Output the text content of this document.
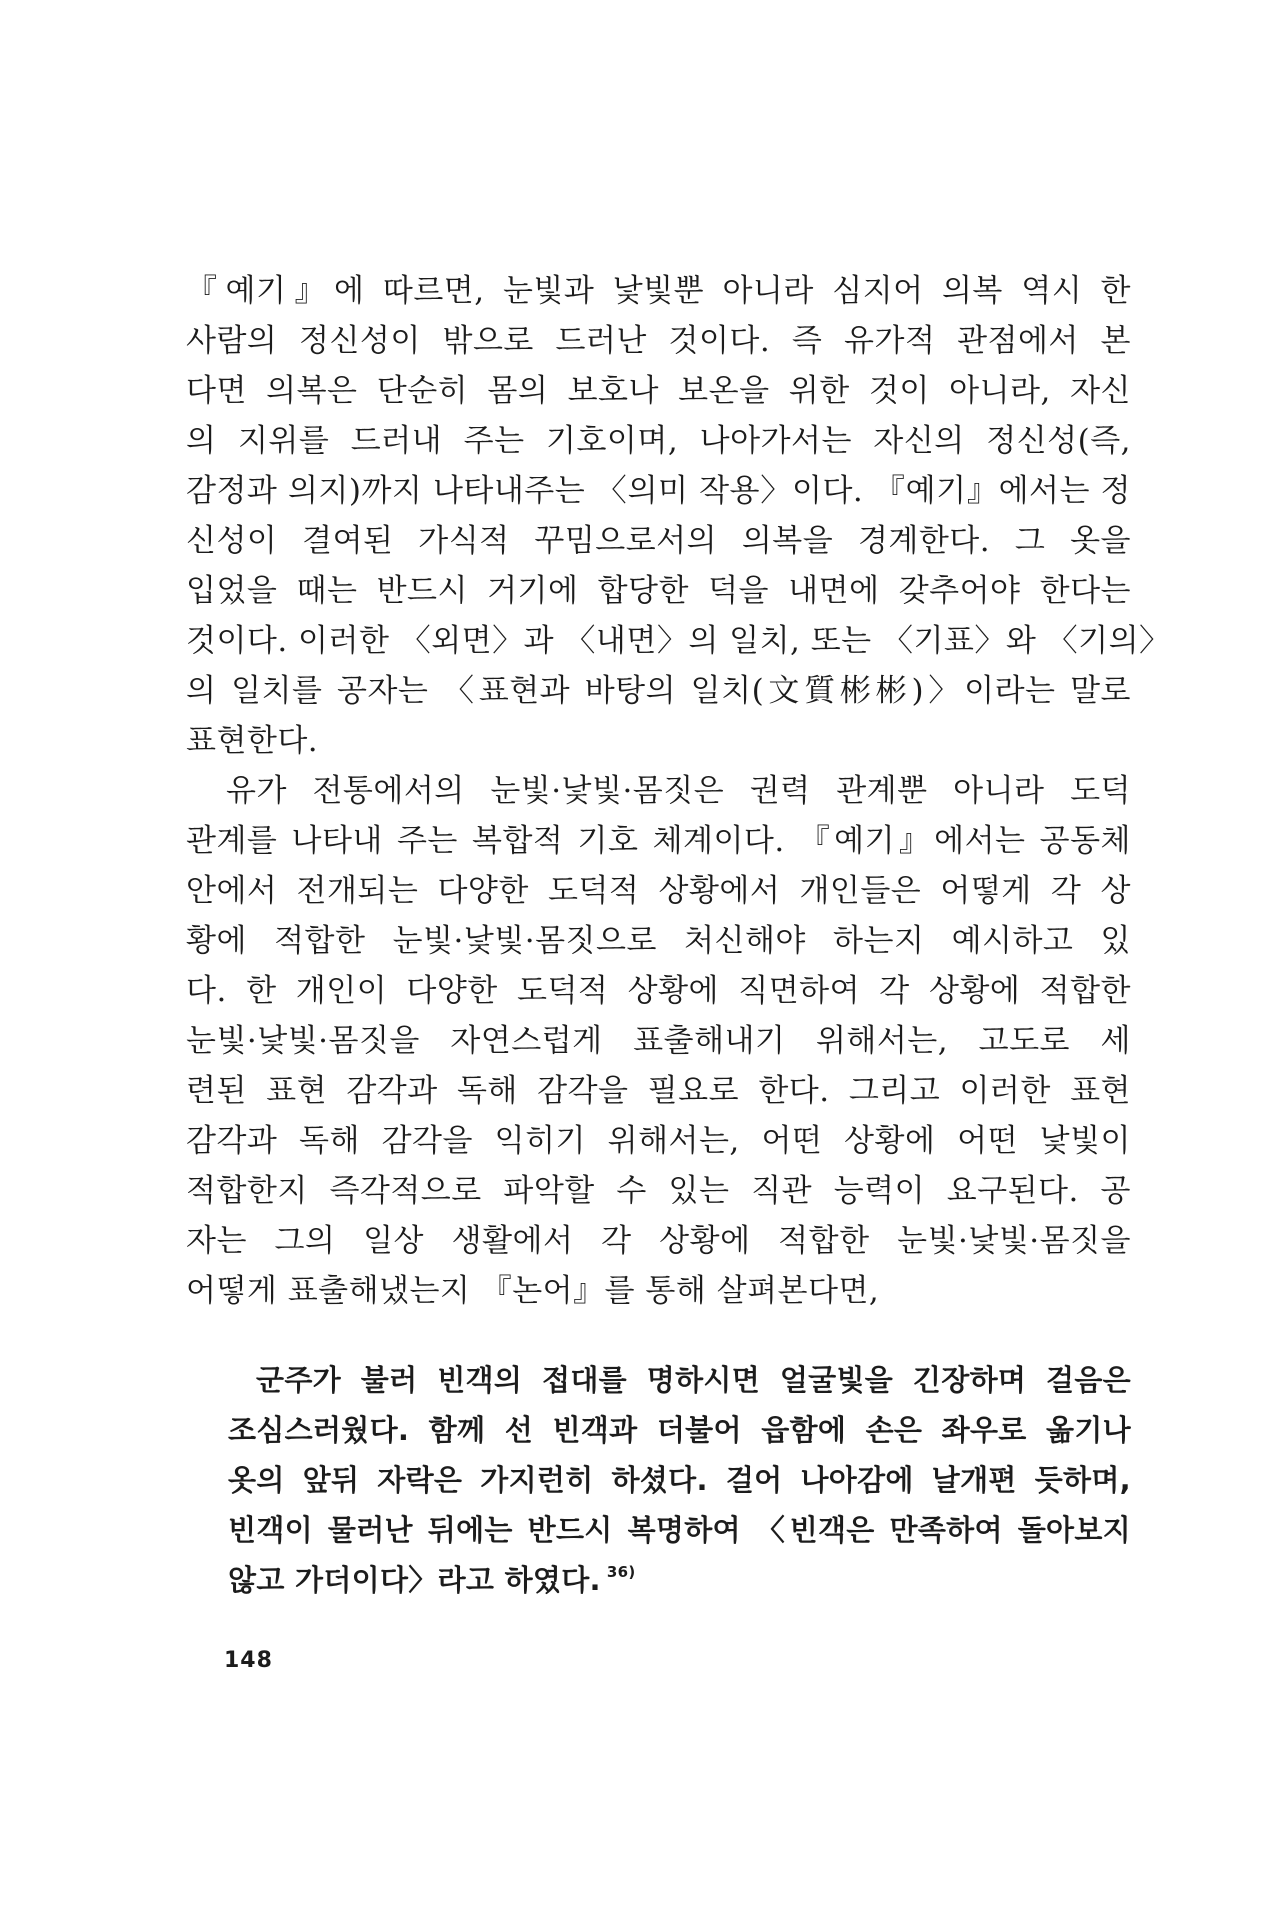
『예기』에 따르면, 눈빛과 낯빛뿐 아니라 심지어 의복 역시 한
사람의 정신성이 밖으로 드러난 것이다. 즉 유가적 관점에서 본
다면 의복은 단순히 몸의 보호나 보온을 위한 것이 아니라, 자신
의 지위를 드러내 주는 기호이며, 나아가서는 자신의 정신성(즉,
감정과 의지)까지 나타내주는 〈의미 작용〉이다. 『예기』에서는 정
신성이 결여된 가식적 꾸밈으로서의 의복을 경계한다. 그 옷을
입었을 때는 반드시 거기에 합당한 덕을 내면에 갖추어야 한다는
것이다. 이러한 〈외면〉과 〈내면〉의 일치, 또는 〈기표〉와 〈기의〉
의 일치를 공자는 〈표현과 바탕의 일치(文質彬彬)〉이라는 말로
표현한다.
유가 전통에서의 눈빛·낯빛·몸짓은 권력 관계뿐 아니라 도덕
관계를 나타내 주는 복합적 기호 체계이다. 『예기』에서는 공동체
안에서 전개되는 다양한 도덕적 상황에서 개인들은 어떻게 각 상
황에 적합한 눈빛·낯빛·몸짓으로 처신해야 하는지 예시하고 있
다. 한 개인이 다양한 도덕적 상황에 직면하여 각 상황에 적합한
눈빛·낯빛·몸짓을 자연스럽게 표출해내기 위해서는, 고도로 세
련된 표현 감각과 독해 감각을 필요로 한다. 그리고 이러한 표현
감각과 독해 감각을 익히기 위해서는, 어떤 상황에 어떤 낯빛이
적합한지 즉각적으로 파악할 수 있는 직관 능력이 요구된다. 공
자는 그의 일상 생활에서 각 상황에 적합한 눈빛·낯빛·몸짓을
어떻게 표출해냈는지 『논어』를 통해 살펴본다면,
군주가 불러 빈객의 접대를 명하시면 얼굴빛을 긴장하며 걸음은
조심스러웠다. 함께 선 빈객과 더불어 읍함에 손은 좌우로 옮기나
옷의 앞뒤 자락은 가지런히 하셨다. 걸어 나아감에 날개편 듯하며,
빈객이 물러난 뒤에는 반드시 복명하여 〈빈객은 만족하여 돌아보지
않고 가더이다〉라고 하였다. $^{36)}$
148
